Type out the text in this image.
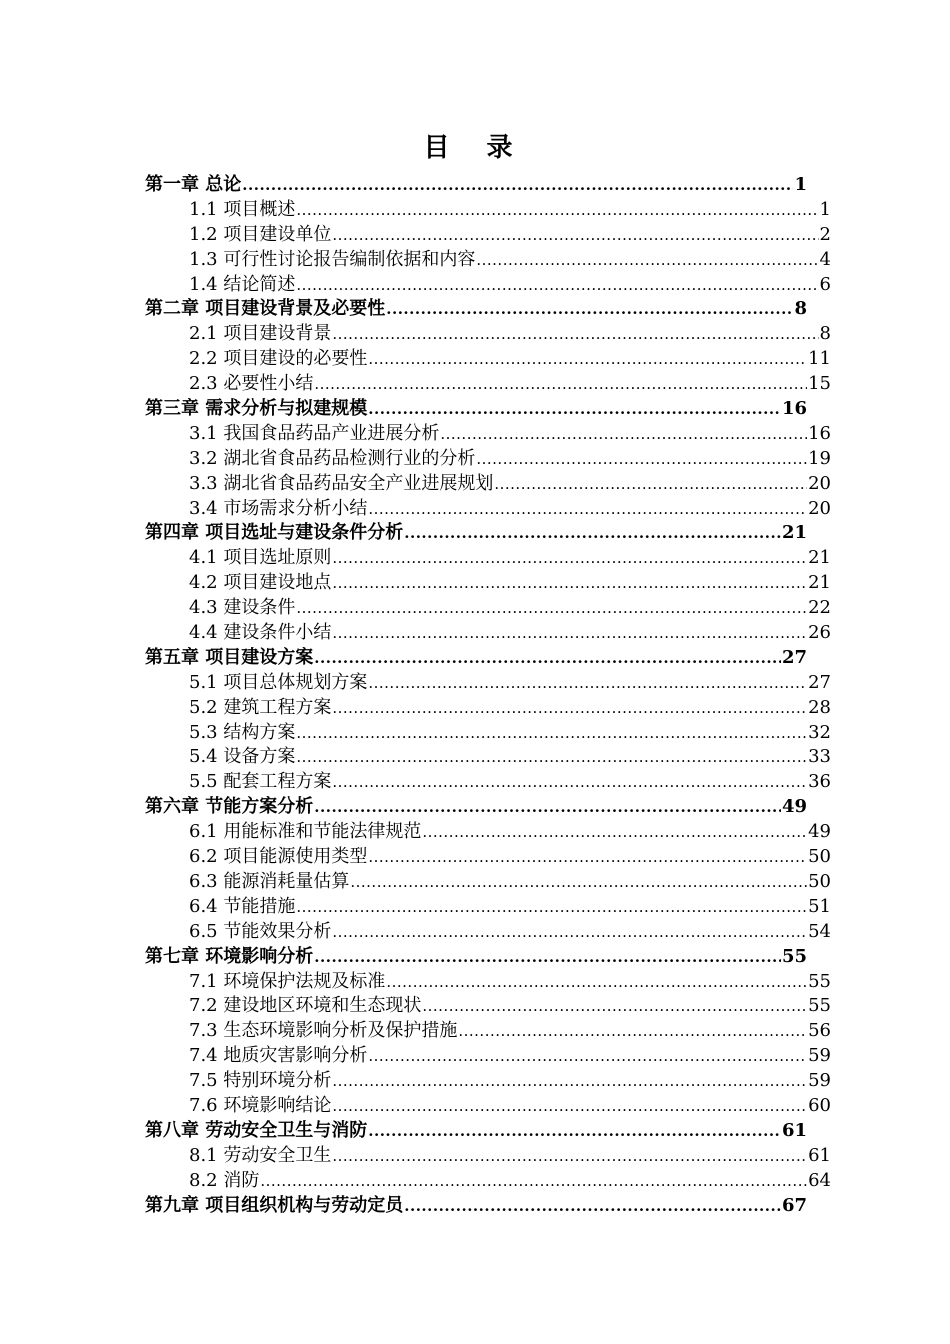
目 录
第一章 总论 .....	1
1.1 项目概述 .....	1
1.2 项目建设单位 .....	2
1.3 可行性讨论报告编制依据和内容 .....	4
1.4 结论简述 .....	6
第二章 项目建设背景及必要性 .....	8
2.1 项目建设背景 .....	8
2.2 项目建设的必要性 .....	11
2.3 必要性小结 .....	15
第三章 需求分析与拟建规模 .....	16
3.1 我国食品药品产业进展分析 .....	16
3.2 湖北省食品药品检测行业的分析 .....	19
3.3 湖北省食品药品安全产业进展规划 .....	20
3.4 市场需求分析小结 .....	20
第四章 项目选址与建设条件分析 .....	21
4.1 项目选址原则 .....	21
4.2 项目建设地点 .....	21
4.3 建设条件 .....	22
4.4 建设条件小结 .....	26
第五章 项目建设方案 .....	27
5.1 项目总体规划方案 .....	27
5.2 建筑工程方案 .....	28
5.3 结构方案 .....	32
5.4 设备方案 .....	33
5.5 配套工程方案 .....	36
第六章 节能方案分析 .....	49
6.1 用能标准和节能法律规范 .....	49
6.2 项目能源使用类型 .....	50
6.3 能源消耗量估算 .....	50
6.4 节能措施 .....	51
6.5 节能效果分析 .....	54
第七章 环境影响分析 .....	55
7.1 环境保护法规及标准 .....	55
7.2 建设地区环境和生态现状 .....	55
7.3 生态环境影响分析及保护措施 .....	56
7.4 地质灾害影响分析 .....	59
7.5 特别环境分析 .....	59
7.6 环境影响结论 .....	60
第八章 劳动安全卫生与消防 .....	61
8.1 劳动安全卫生 .....	61
8.2 消防 .....	64
第九章 项目组织机构与劳动定员 .....	67
